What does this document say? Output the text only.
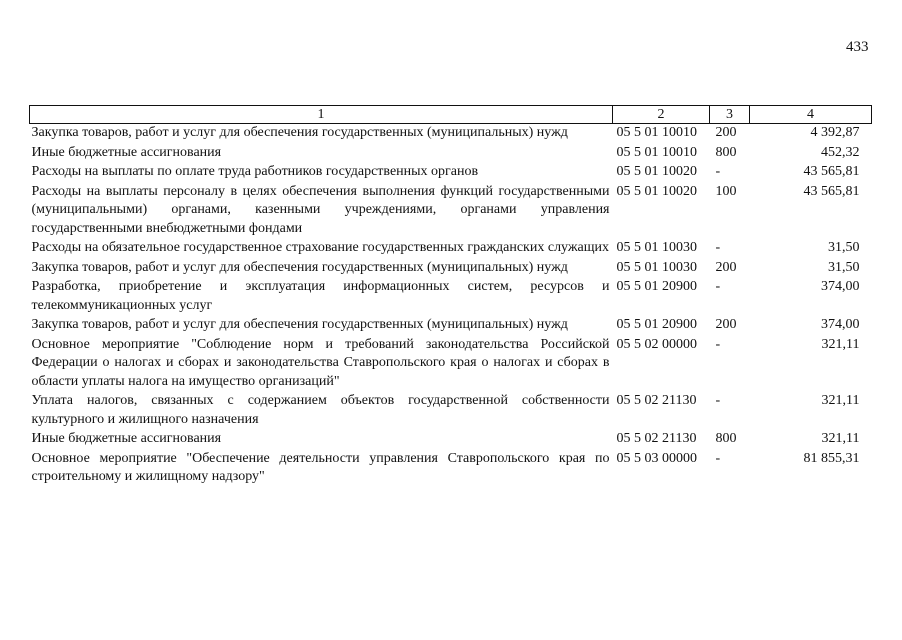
433
1	2	3	4
Закупка товаров, работ и услуг для обеспечения государственных (муниципальных) нужд	05 5 01 10010	200	4 392,87
Иные бюджетные ассигнования	05 5 01 10010	800	452,32
Расходы на выплаты по оплате труда работников государственных органов	05 5 01 10020	-	43 565,81
Расходы на выплаты персоналу в целях обеспечения выполнения функций государственными (муниципальными) органами, казенными учреждениями, органами управления государственными внебюджетными фондами	05 5 01 10020	100	43 565,81
Расходы на обязательное государственное страхование государственных гражданских служащих	05 5 01 10030	-	31,50
Закупка товаров, работ и услуг для обеспечения государственных (муниципальных) нужд	05 5 01 10030	200	31,50
Разработка, приобретение и эксплуатация информационных систем, ресурсов и телекоммуникационных услуг	05 5 01 20900	-	374,00
Закупка товаров, работ и услуг для обеспечения государственных (муниципальных) нужд	05 5 01 20900	200	374,00
Основное мероприятие "Соблюдение норм и требований законодательства Российской Федерации о налогах и сборах и законодательства Ставропольского края о налогах и сборах в области уплаты налога на имущество организаций"	05 5 02 00000	-	321,11
Уплата налогов, связанных с содержанием объектов государственной собственности культурного и жилищного назначения	05 5 02 21130	-	321,11
Иные бюджетные ассигнования	05 5 02 21130	800	321,11
Основное мероприятие "Обеспечение деятельности управления Ставропольского края по строительному и жилищному надзору"	05 5 03 00000	-	81 855,31
